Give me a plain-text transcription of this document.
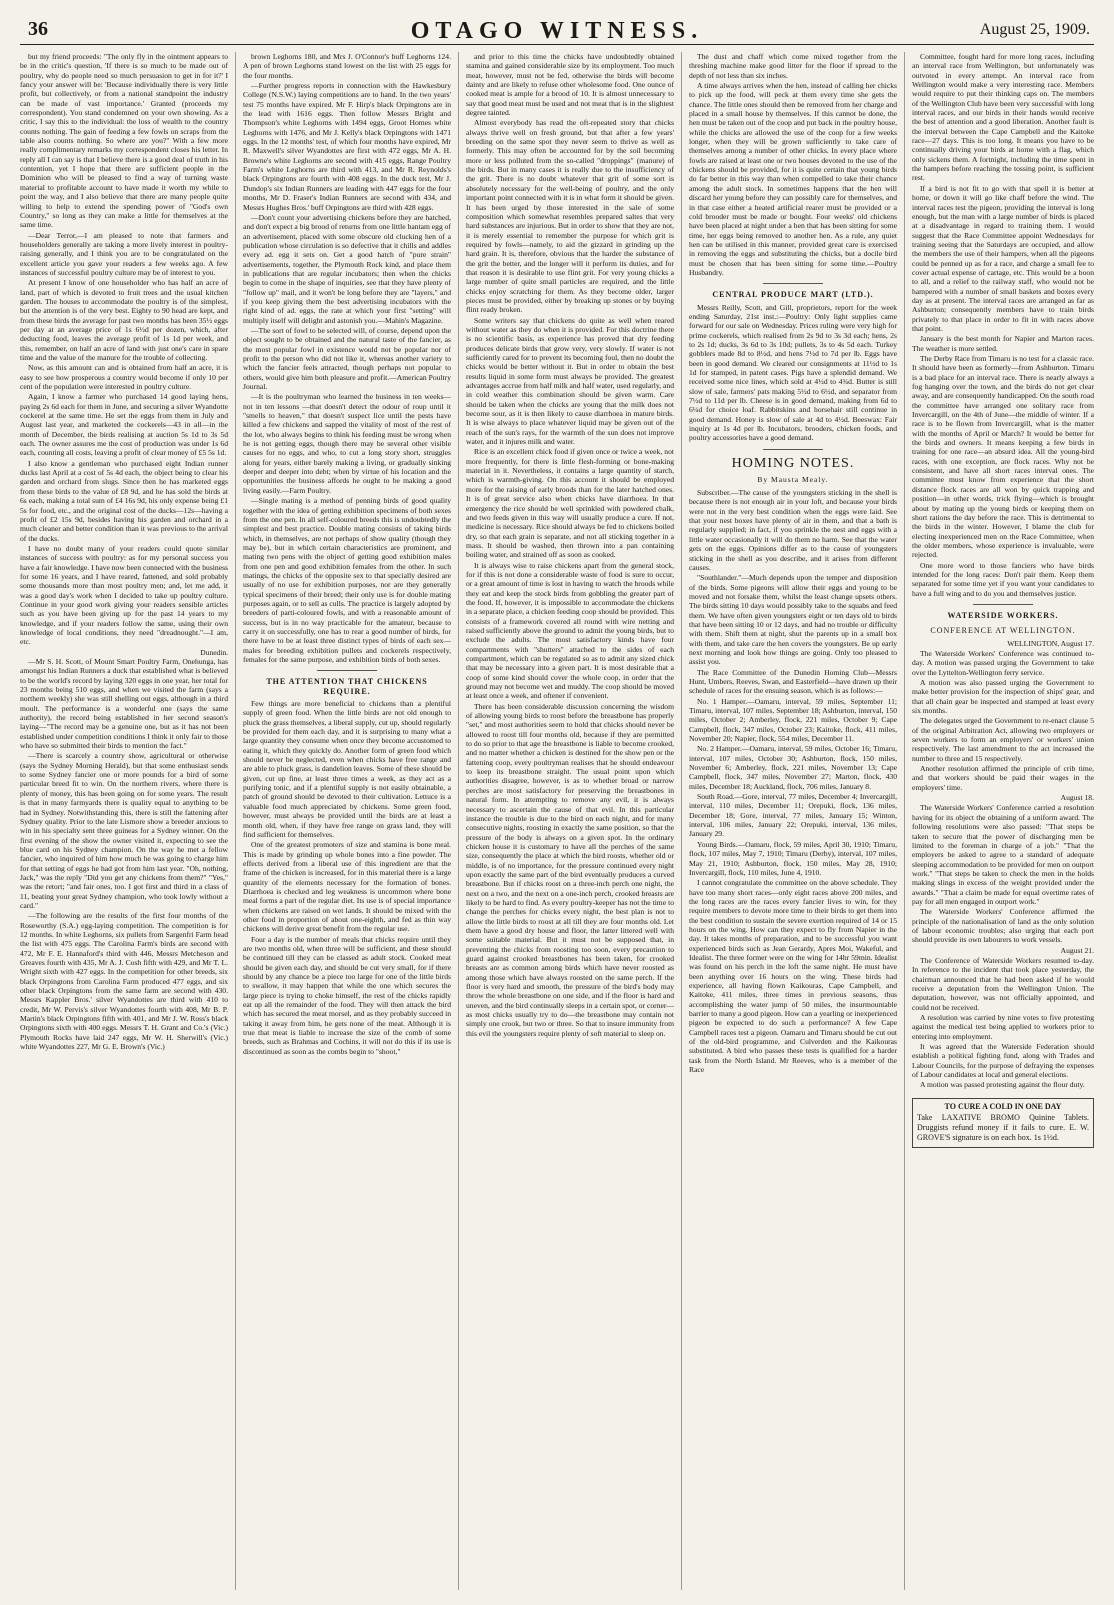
36	OTAGO WITNESS.	August 25, 1909.

but my friend proceeds: "The only fly in the ointment appears to be in the critic's question, 'If there is so much to be made out of poultry, why do people need so much persuasion to get in for it?' I fancy your answer will be: 'Because individually there is very little profit, but collectively, or from a national standpoint the industry can be made of vast importance.' Granted (proceeds my correspondent). You stand condemned on your own showing. As a critic, I say this to the individual: the loss of wealth to the country counts nothing. The gain of feeding a few fowls on scraps from the table also counts nothing. So where are you?" With a few more really complimentary remarks my correspondent closes his letter. In reply all I can say is that I believe there is a good deal of truth in his contention, yet I hope that there are sufficient people in the Dominion who will be pleased to find a way of turning waste material to profitable account to have made it worth my while to point the way, and I also believe that there are many people quite willing to help to extend the spending power of "God's own Country," so long as they can make a little for themselves at the same time.

—Dear Terror,—I am pleased to note that farmers and householders generally are taking a more lively interest in poultry-raising generally, and I think you are to be congratulated on the excellent article you gave your readers a few weeks ago. A few instances of successful poultry culture may be of interest to you.

At present I know of one householder who has half an acre of land, part of which is devoted to fruit trees and the usual kitchen garden. The houses to accommodate the poultry is of the simplest, but the attention is of the very best. Eighty to 90 head are kept, and from these birds the average for past two months has been 35½ eggs per day at an average price of 1s 6½d per dozen, which, after deducting food, leaves the average profit of 1s 1d per week, and this, remember, on half an acre of land with just one's care in spare time and the value of the manure for the trouble of collecting.

Now, as this amount can and is obtained from half an acre, it is easy to see how prosperous a country would become if only 10 per cent of the population were interested in poultry culture.

Again, I know a farmer who purchased 14 good laying hens, paying 2s 6d each for them in June, and securing a silver Wyandotte cockerel at the same time. He set the eggs from them in July and August last year, and marketed the cockerels—43 in all—in the month of December, the birds realising at auction 5s 1d to 3s 5d each. The owner assures me the cost of production was under 1s 6d each, counting all costs, leaving a profit of clear money of £5 5s 1d.

I also know a gentleman who purchased eight Indian runner ducks last April at a cost of 5s 4d each, the object being to clear his garden and orchard from slugs. Since then he has marketed eggs from these birds to the value of £8 9d, and he has sold the birds at 6s each, making a total sum of £4 16s 9d, his only expense being £1 5s for food, etc., and the original cost of the ducks—12s—having a profit of £2 15s 9d, besides having his garden and orchard in a much cleaner and better condition than it was previous to the arrival of the ducks.

I have no doubt many of your readers could quote similar instances of success with poultry: as for my personal success you have a fair knowledge. I have now been connected with the business for some 16 years, and I have reared, fattened, and sold probably some thousands more than most poultry men; and, let me add, it was a good day's work when I decided to take up poultry culture. Continue in your good work giving your readers sensible articles such as you have been giving up for the past 14 years to my knowledge, and if your readers follow the same, using their own knowledge of local conditions, they need "dreadnought."—I am, etc.

Dunedin.

—Mr S. H. Scott, of Mount Smart Poultry Farm, Onehunga, has amongst his Indian Runners a duck that established what is believed to be the world's record by laying 320 eggs in one year, her total for 23 months being 510 eggs, and when we visited the farm (says a northern weekly) she was still shelling out eggs, although in a third moult. The performance is a wonderful one (says the same authority), the record being established in her second season's laying—"The record may be a genuine one, but as it has not been established under competition conditions I think it only fair to those who have so submitted their birds to mention the fact."

—There is scarcely a country show, agricultural or otherwise (says the Sydney Morning Herald), but that some enthusiast sends to some Sydney fancier one or more pounds for a bird of some particular breed fit to win. On the northern rivers, where there is plenty of money, this has been going on for some years. The result is that in many farmyards there is quality equal to anything to be had in Sydney. Notwithstanding this, there is still the fattening after Sydney quality. Prior to the late Lismore show a breeder anxious to win in his specialty sent three guineas for a Sydney winner. On the first evening of the show the owner visited it, expecting to see the blue card on his Sydney champion. On the way he met a fellow fancier, who inquired of him how much he was going to charge him for that setting of eggs he had got from him last year. "Oh, nothing, Jack," was the reply "Did you get any chickens from them?" "Yes," was the retort; "and fair ones, too. I got first and third in a class of 11, beating your great Sydney champion, who took lowly without a card."

—The following are the results of the first four months of the Roseworthy (S.A.) egg-laying competition. The competition is for 12 months. In white Leghorns, six pullets from Sargenfri Farm head the list with 475 eggs. The Carolina Farm's birds are second with 472, Mr F. E. Hannaford's third with 446, Messrs Metcheson and Greaves fourth with 435, Mr A. J. Cosh fifth with 429, and Mr T. L. Wright sixth with 427 eggs. In the competition for other breeds, six black Orpingtons from Carolina Farm produced 477 eggs, and six other black Orpingtons from the same farm are second with 430. Messrs Kappler Bros.' silver Wyandottes are third with 410 to credit, Mr W. Pervis's silver Wyandottes fourth with 408, Mr B. P. Martin's black Orpingtons fifth with 401, and Mr J. W. Ross's black Orpingtons sixth with 400 eggs. Messrs T. H. Grant and Co.'s (Vic.) Plymouth Rocks have laid 247 eggs, Mr W. H. Sherwill's (Vic.) white Wyandottes 227, Mr G. E. Brown's (Vic.)

brown Leghorns 180, and Mrs J. O'Connor's buff Leghorns 124. A pen of brown Leghorns stand lowest on the list with 25 eggs for the four months.

—Further progress reports in connection with the Hawkesbury College (N.S.W.) laying competitions are to hand. In the two years' test 75 months have expired. Mr F. Hirp's black Orpingtons are in the lead with 1616 eggs. Then follow Messrs Bright and Thompson's white Leghorns with 1494 eggs, Groot Homes white Leghorns with 1476, and Mr J. Kelly's black Orpingtons with 1471 eggs. In the 12 months' test, of which four months have expired, Mr R. Maxwell's silver Wyandottes are first with 472 eggs, Mr A. H. Browne's white Leghorns are second with 415 eggs, Range Poultry Farm's white Leghorns are third with 413, and Mr R. Reynolds's black Orpingtons are fourth with 408 eggs. In the duck test, Mr J. Dundop's six Indian Runners are leading with 447 eggs for the four months, Mr D. Fraser's Indian Runners are second with 434, and Messrs Hughes Bros.' buff Orpingtons are third with 428 eggs.

—Don't count your advertising chickens before they are hatched, and don't expect a big brood of returns from one little bantam egg of an advertisement, placed with some obscure old clucking hen of a publication whose circulation is so defective that it chills and addles every ad. egg it sets on. Get a good hatch of "pure strain" advertisements, together, the Plymouth Rock kind, and place them in publications that are regular incubators; then when the chicks begin to come in the shape of inquiries, see that they have plenty of "follow up" mail, and it won't be long before they are "layers," and if you keep giving them the best advertising incubators with the right kind of ad. eggs, the rate at which your first "setting" will multiply itself will delight and astonish you.—Mahin's Magazine.

—The sort of fowl to be selected will, of course, depend upon the object sought to be obtained and the natural taste of the fancier, as the most popular fowl in existence would not be popular nor of profit to the person who did not like it, whereas another variety to which the fancier feels attracted, though perhaps not popular to others, would give him both pleasure and profit.—American Poultry Journal.

—It is the poultryman who learned the business in ten weeks—not in ten lessons —that doesn't detect the odour of roup until it "smells to heaven," that doesn't suspect lice until the pests have killed a few chickens and sapped the vitality of most of the rest of the lot, who always begins to think his feeding must be wrong when he is not getting eggs, though there may be several other visible causes for no eggs, and who, to cut a long story short, struggles along for years, either barely making a living, or gradually sinking deeper and deeper into debt; when by virtue of his location and the opportunities the business affords he ought to be making a good living easily.—Farm Poultry.

—Single mating is a method of penning birds of good quality together with the idea of getting exhibition specimens of both sexes from the one pen. In all self-coloured breeds this is undoubtedly the simplest and best practice. Double mating consists of taking birds which, in themselves, are not perhaps of show quality (though they may be), but in which certain characteristics are prominent, and mating two pens with the object of getting good exhibition males from one pen and good exhibition females from the other. In such matings, the chicks of the opposite sex to that specially desired are usually of no use for exhibition purposes, nor are they generally typical specimens of their breed; their only use is for double mating purposes again, or to sell as culls. The practice is largely adopted by breeders of parti-coloured fowls, and with a reasonable amount of success, but is in no way practicable for the amateur, because to carry it on successfully, one has to rear a good number of birds, for there have to be at least three distinct types of birds of each sex—males for breeding exhibition pullets and cockerels respectively, females for the same purpose, and exhibition birds of both sexes.

THE ATTENTION THAT CHICKENS REQUIRE.

Few things are more beneficial to chickens than a plentiful supply of green food. When the little birds are not old enough to pluck the grass themselves, a liberal supply, cut up, should regularly be provided for them each day, and it is surprising to many what a large quantity they consume when once they become accustomed to eating it, which they quickly do. Another form of green food which should never be neglected, even when chicks have free range and are able to pluck grass, is dandelion leaves. Some of these should be given, cut up fine, at least three times a week, as they act as a purifying tonic, and if a plentiful supply is not easily obtainable, a patch of ground should be devoted to their cultivation. Lettuce is a valuable food much appreciated by chickens. Some green food, however, must always be provided until the birds are at least a month old, when, if they have free range on grass land, they will find sufficient for themselves.

One of the greatest promoters of size and stamina is bone meal. This is made by grinding up whole bones into a fine powder. The effects derived from a liberal use of this ingredient are that the frame of the chicken is increased, for in this material there is a large quantity of the elements necessary for the formation of bones. Diarrhoea is checked and leg weakness is uncommon where bone meal forms a part of the regular diet. Its use is of special importance when chickens are raised on wet lands. It should be mixed with the other food in proportion of about one-eighth, and fed as thin way chickens will derive great benefit from the regular use.

Four a day is the number of meals that chicks require until they are two months old, when three will be sufficient, and these should be continued till they can be classed as adult stock. Cooked meat should be given each day, and should be cut very small, for if there should by any chance be a piece too large for one of the little birds to swallow, it may happen that while the one which secures the large piece is trying to choke himself, the rest of the chicks rapidly eat up all the remainder of the food. They will then attack the bird which has secured the meat morsel, and as they probably succeed in taking it away from him, he gets none of the meat. Although it is true that meat is liable to increase the size of the comb of some breeds, such as Brahmas and Cochins, it will not do this if its use is discontinued as soon as the combs begin to "shoot,"

and prior to this time the chicks have undoubtedly obtained stamina and gained considerable size by its employment. Too much meat, however, must not be fed, otherwise the birds will become dainty and are likely to refuse other wholesome food. One ounce of cooked meat is ample for a brood of 10. It is almost unnecessary to say that good meat must be used and not meat that is in the slightest degree tainted.

Almost everybody has read the oft-repeated story that chicks always thrive well on fresh ground, but that after a few years' breeding on the same spot they never seem to thrive as well as formerly. This may often be accounted for by the soil becoming more or less polluted from the so-called "droppings" (manure) of the birds. But in many cases it is really due to the insufficiency of the grit. There is no doubt whatever that grit of some sort is absolutely necessary for the well-being of poultry, and the only important point connected with it is in what form it should be given. It has been urged by those interested in the sale of some composition which somewhat resembles prepared saltes that very hard substances are injurious. But in order to show that they are not, it is merely essential to remember the purpose for which grit is required by fowls—namely, to aid the gizzard in grinding up the hard grain. It is, therefore, obvious that the harder the substance of the grit the better, and the longer will it perform its duties, and for that reason it is desirable to use flint grit. For very young chicks a large number of quite small particles are required, and the little chicks enjoy scratching for them. As they become older, larger pieces must be provided, either by breaking up stones or by buying flint ready broken.

Some writers say that chickens do quite as well when reared without water as they do when it is provided. For this doctrine there is no scientific basis, as experience has proved that dry feeding produces delicate birds that grow very, very slowly. If water is not sufficiently cared for to prevent its becoming foul, then no doubt the chicks would be better without it. But in order to obtain the best results liquid in some form must always be provided. The greatest advantages accrue from half milk and half water, used regularly, and in cold weather this combination should be given warm. Care should be taken when the chicks are young that the milk does not become sour, as it is then likely to cause diarrhoea in mature birds. It is wise always to place whatever liquid may be given out of the reach of the sun's rays, for the warmth of the sun does not improve water, and it injures milk and water.

Rice is an excellent chick food if given once or twice a week, not more frequently, for there is little flesh-forming or bone-making material in it. Nevertheless, it contains a large quantity of starch, which is warmth-giving. On this account it should be employed more for the raising of early broods than for the later hatched ones. It is of great service also when chicks have diarrhoea. In that emergency the rice should be well sprinkled with powdered chalk, and two feeds given in this way will usually produce a cure. If not, medicine is necessary. Rice should always be fed to chickens boiled dry, so that each grain is separate, and not all sticking together in a mass. It should be washed, then thrown into a pan containing boiling water, and strained off as soon as cooked.

It is always wise to raise chickens apart from the general stock, for if this is not done a considerable waste of food is sure to occur, or a great amount of time is lost in having to watch the broods while they eat and keep the stock birds from gobbling the greater part of the food. If, however, it is impossible to accommodate the chickens in a separate place, a chicken feeding coop should be provided. This consists of a framework covered all round with wire netting and raised sufficiently above the ground to admit the young birds, but to exclude the adults. The most satisfactory kinds have four compartments with "shutters" attached to the sides of each compartment, which can be regulated so as to admit any sized chick that may be necessary into a given part. It is most desirable that a coop of some kind should cover the whole coop, in order that the ground may not become wet and muddy. The coop should be moved at least once a week, and oftener if convenient.

There has been considerable discussion concerning the wisdom of allowing young birds to roost before the breastbone has properly "set," and most authorities seem to hold that chicks should never be allowed to roost till four months old, because if they are permitted to do so prior to that age the breastbone is liable to become crooked, and no matter whether a chicken is destined for the show pen or the fattening coop, every poultryman realises that he should endeavour to keep its breastbone straight. The usual point upon which authorities disagree, however, is as to whether broad or narrow perches are most satisfactory for preserving the breastbones in natural form. In attempting to remove any evil, it is always necessary to ascertain the cause of that evil. In this particular instance the trouble is due to the bird on each night, and for many consecutive nights, roosting in exactly the same position, so that the pressure of the body is always on a given spot. In the ordinary chicken house it is customary to have all the perches of the same size, consequently the place at which the bird roosts, whether old or middle, is of no importance, for the pressure continued every night upon exactly the same part of the bird eventually produces a curved breastbone. But if chicks roost on a three-inch perch one night, the next on a two, and the next on a one-inch perch, crooked breasts are likely to be hard to find. As every poultry-keeper has not the time to change the perches for chicks every night, the best plan is not to allow the little birds to roost at all till they are four months old. Let them have a good dry house and floor, the latter littered well with some suitable material. But it must not be supposed that, in preventing the chicks from roosting too soon, every precaution to guard against crooked breastbones has been taken, for crooked breasts are as common among birds which have never roosted as among those which have always roosted on the same perch. If the floor is very hard and smooth, the pressure of the bird's body may throw the whole breastbone on one side, and if the floor is hard and uneven, and the bird continually sleeps in a certain spot, or corner—as most chicks usually try to do—the breastbone may contain not simply one crook, but two or three. So that to insure immunity from this evil the youngsters require plenty of soft material to sleep on.

The dust and chaff which come mixed together from the threshing machine make good litter for the floor if spread to the depth of not less than six inches.

A time always arrives when the hen, instead of calling her chicks to pick up the food, will peck at them every time she gets the chance. The little ones should then be removed from her charge and placed in a small house by themselves. If this cannot be done, the hen must be taken out of the coop and put back in the poultry house, while the chicks are allowed the use of the coop for a few weeks longer, when they will be grown sufficiently to take care of themselves among a number of other chicks. In every place where fowls are raised at least one or two houses devoted to the use of the chickens should be provided, for it is quite certain that young birds do far better in this way than when compelled to take their chance among the adult stock. In sometimes happens that the hen will discard her young before they can possibly care for themselves, and in that case either a heated artificial rearer must be provided or a cold brooder must be made or bought. Four weeks' old chickens have been placed at night under a hen that has been sitting for some time, her eggs being removed to another hen. As a rule, any quiet hen can be utilised in this manner, provided great care is exercised in removing the eggs and substituting the chicks, but a docile bird must be chosen that has been sitting for some time.—Poultry Husbandry.

CENTRAL PRODUCE MART (LTD.).

Messrs Reilly, Scott, and Gill, proprietors, report for the week ending Saturday, 21st inst.:—Poultry: Only light supplies came forward for our sale on Wednesday. Prices ruling were very high for prime cockerels, which realised from 2s 9d to 3s 3d each; hens, 2s to 2s 1d; ducks, 3s 6d to 3s 10d; pullets, 3s to 4s 5d each. Turkey gobblers made 8d to 8½d, and hens 7½d to 7d per lb. Eggs have been in good demand. We cleared our consignments at 11½d to 1s 1d for stamped, in patent cases. Pigs have a splendid demand. We received some nice lines, which sold at 4½d to 4¾d. Butter is still slow of sale, farmers' pats making 5½d to 6½d, and separator from 7½d to 11d per lb. Cheese is in good demand, making from 6d to 6¼d for choice loaf. Rabbitskins and horsehair still continue in good demand. Honey is slow of sale at 4d to 4½d. Beeswax: Fair inquiry at 1s 4d per lb. Incubators, brooders, chicken foods, and poultry accessories have a good demand.

HOMING NOTES.

By Mausta Mealy.

Subscriber.—The cause of the youngsters sticking in the shell is because there is not enough air in your loft, and because your birds were not in the very best condition when the eggs were laid. See that your nest boxes have plenty of air in them, and that a bath is regularly supplied; in fact, if you sprinkle the nest and eggs with a little water occasionally it will do them no harm. See that the water gets on the eggs. Opinions differ as to the cause of youngsters sticking in the shell as you describe, and it arises from different causes.

"Southlander."—Much depends upon the temper and disposition of the birds. Some pigeons will allow their eggs and young to be moved and not forsake them, whilst the least change upsets others. The birds sitting 10 days would possibly take to the squabs and feed them. We have often given youngsters eight or ten days old to birds that have been sitting 10 or 12 days, and had no trouble or difficulty with them. Shift them at night, shut the parents up in a small box with them, and take care the hen covers the youngsters. Be up early next morning and look how things are going. Only too pleased to assist you.

The Race Committee of the Dunedin Homing Club—Messrs Hunt, Umbers, Reeves, Swan, and Easterfield—have drawn up their schedule of races for the ensuing season, which is as follows:—

No. 1 Hamper.—Oamaru, interval, 59 miles, September 11; Timaru, interval, 107 miles, September 18; Ashburton, interval, 150 miles, October 2; Amberley, flock, 221 miles, October 9; Cape Campbell, flock, 347 miles, October 23; Kaitoke, flock, 411 miles, November 20; Napier, flock, 554 miles, December 11.

No. 2 Hamper.—Oamaru, interval, 59 miles, October 16; Timaru, interval, 107 miles, October 30; Ashburton, flock, 150 miles, November 6; Amberley, flock, 221 miles, November 13; Cape Campbell, flock, 347 miles, November 27; Marton, flock, 430 miles, December 18; Auckland, flock, 706 miles, January 8.

South Road.—Gore, interval, 77 miles, December 4; Invercargill, interval, 110 miles, December 11; Orepuki, flock, 136 miles, December 18; Gore, interval, 77 miles, January 15; Winton, interval, 106 miles, January 22; Orepuki, interval, 136 miles, January 29.

Young Birds.—Oamaru, flock, 59 miles, April 30, 1910; Timaru, flock, 107 miles, May 7, 1910; Timaru (Derby), interval, 107 miles, May 21, 1910; Ashburton, flock, 150 miles, May 28, 1910; Invercargill, flock, 110 miles, June 4, 1910.

I cannot congratulate the committee on the above schedule. They have too many short races—only eight races above 200 miles, and the long races are the races every fancier lives to win, for they require members to devote more time to their birds to get them into the best condition to sustain the severe exertion required of 14 or 15 hours on the wing. How can they expect to fly from Napier in the day. It takes months of preparation, and to be successful you want experienced birds such as Jean Gerardy, Apres Moi, Wakeful, and Idealist. The three former were on the wing for 14hr 59min. Idealist was found on his perch in the loft the same night. He must have been anything over 16 hours on the wing. These birds had experience, all having flown Kaikouras, Cape Campbell, and Kaitoke, 411 miles, three times in previous seasons, thus accomplishing the water jump of 50 miles, the insurmountable barrier to many a good pigeon. How can a yearling or inexperienced pigeon be expected to do such a performance? A few Cape Campbell races test a pigeon. Oamaru and Timaru should be cut out of the old-bird programme, and Culverden and the Kaikouras substituted. A bird who passes these tests is qualified for a harder task from the North Island. Mr Reeves, who is a member of the Race

Committee, fought hard for more long races, including an interval race from Wellington, but unfortunately was outvoted in every attempt. An interval race from Wellington would make a very interesting race. Members would require to put their thinking caps on. The members of the Wellington Club have been very successful with long interval races, and our birds in their hands would receive the best of attention and a good liberation. Another fault is the interval between the Cape Campbell and the Kaitoke race—27 days. This is too long. It means you have to be continually driving your birds at home with a flag, which only sickens them. A fortnight, including the time spent in the hampers before reaching the tossing point, is sufficient rest.

If a bird is not fit to go with that spell it is better at home, or down it will go like chaff before the wind. The interval races test the pigeon, providing the interval is long enough, but the man with a large number of birds is placed at a disadvantage in regard to training them. I would suggest that the Race Committee appoint Wednesdays for training seeing that the Saturdays are occupied, and allow the members the use of their hampers, when all the pigeons could be penned up as for a race, and charge a small fee to cover actual expense of cartage, etc. This would be a boon to all, and a relief to the railway staff, who would not be hampered with a number of small baskets and boxes every day as at present. The interval races are arranged as far as Ashburton; consequently members have to train birds privately to that place in order to fit in with races above that point.

January is the best month for Napier and Marton races. The weather is more settled.

The Derby Race from Timaru is no test for a classic race. It should have been as formerly—from Ashburton. Timaru is a bad place for an interval race. There is nearly always a fog hanging over the town, and the birds do not get clear away, and are consequently handicapped. On the south road the committee have arranged one solitary race from Invercargill, on the 4th of June—the middle of winter. If a race is to be flown from Invercargill, what is the matter with the months of April or March? It would be better for the birds and owners. It means keeping a few birds in training for one race—an absurd idea. All the young-bird races, with one exception, are flock races. Why not be consistent, and have all short races interval ones. The committee must know from experience that the short distance flock races are all won by quick trapping and position—in other words, trick flying—which is brought about by mating up the young birds or keeping them on short rations the day before the race. This is detrimental to the birds in the winter. However, I blame the club for electing inexperienced men on the Race Committee, when the older members, whose experience is invaluable, were rejected.

One more word to those fanciers who have birds intended for the long races: Don't pair them. Keep them separated for some time yet if you want your candidates to have a full wing and to do you and themselves justice.

WATERSIDE WORKERS.

CONFERENCE AT WELLINGTON.

WELLINGTON, August 17.

The Waterside Workers' Conference was continued to-day. A motion was passed urging the Government to take over the Lyttelton-Wellington ferry service.

A motion was also passed urging the Government to make better provision for the inspection of ships' gear, and that all chain gear be inspected and stamped at least every six months.

The delegates urged the Government to re-enact clause 5 of the original Arbitration Act, allowing two employers or seven workers to form an employers' or workers' union respectively. The last amendment to the act increased the number to three and 15 respectively.

Another resolution affirmed the principle of crib time, and that workers should be paid their wages in the employers' time.

August 18.

The Waterside Workers' Conference carried a resolution having for its object the obtaining of a uniform award. The following resolutions were also passed: "That steps be taken to secure that the power of discharging men be limited to the foreman in charge of a job." "That the employers be asked to agree to a standard of adequate sleeping accommodation to be provided for men on outport work." "That steps be taken to check the men in the holds making slings in excess of the weight provided under the awards." "That a claim be made for equal overtime rates of pay for all men engaged in outport work."

The Waterside Workers' Conference affirmed the principle of the nationalisation of land as the only solution of labour economic troubles; also urging that each port should provide its own labourers to work vessels.

August 21.

The Conference of Waterside Workers resumed to-day. In reference to the incident that took place yesterday, the chairman announced that he had been asked if he would receive a deputation from the Wellington Union. The deputation, however, was not officially appointed, and could not be received.

A resolution was carried by nine votes to five protesting against the medical test being applied to workers prior to entering into employment.

It was agreed that the Waterside Federation should establish a political fighting fund, along with Trades and Labour Councils, for the purpose of defraying the expenses of Labour candidates at local and general elections.

A motion was passed protesting against the flour duty.

TO CURE A COLD IN ONE DAY

Take LAXATIVE BROMO Quinine Tablets. Druggists refund money if it fails to cure. E. W. GROVE'S signature is on each box. 1s 1½d.
